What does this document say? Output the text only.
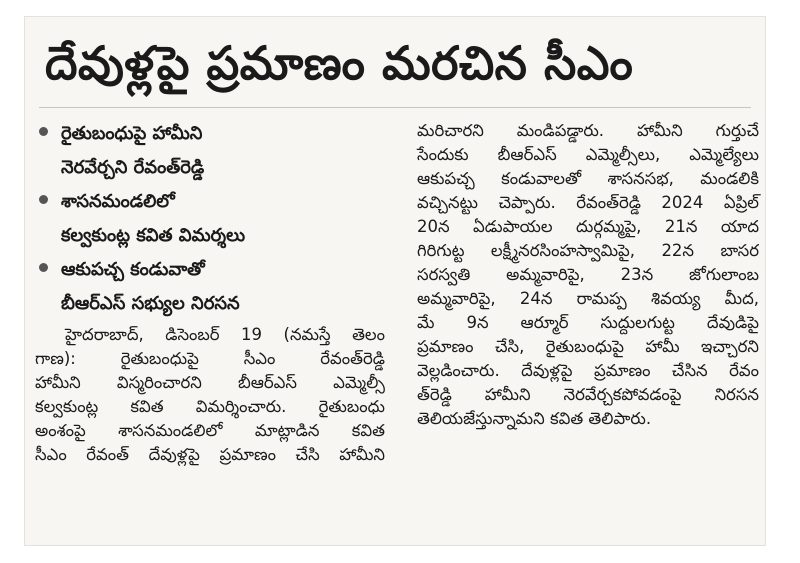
దేవుళ్లపై ప్రమాణం మరచిన సీఎం
రైతుబంధుపై హామీని
నెరవేర్చని రేవంత్‌రెడ్డి
శాసనమండలిలో
కల్వకుంట్ల కవిత విమర్శలు
ఆకుపచ్చ కండువాతో
బీఆర్‌ఎస్‌ సభ్యుల నిరసన
హైదరాబాద్‌, డిసెంబర్‌ 19 (నమస్తే తెలం
గాణ): రైతుబంధుపై సీఎం రేవంత్‌రెడ్డి
హామీని విస్మరించారని బీఆర్‌ఎస్‌ ఎమ్మెల్సీ
కల్వకుంట్ల కవిత విమర్శించారు. రైతుబంధు
అంశంపై శాసనమండలిలో మాట్లాడిన కవిత
సీఎం రేవంత్‌ దేవుళ్లపై ప్రమాణం చేసి హామీని
మరిచారని మండిపడ్డారు. హామీని గుర్తుచే
సేందుకు బీఆర్‌ఎస్‌ ఎమ్మెల్సీలు, ఎమ్మెల్యేలు
ఆకుపచ్చ కండువాలతో శాసనసభ, మండలికి
వచ్చినట్టు చెప్పారు. రేవంత్‌రెడ్డి 2024 ఏప్రిల్‌
20న ఏడుపాయల దుర్గమ్మపై, 21న యాద
గిరిగుట్ట లక్ష్మీనరసింహస్వామిపై, 22న బాసర
సరస్వతి అమ్మవారిపై, 23న జోగులాంబ
అమ్మవారిపై, 24న రామప్ప శివయ్య మీద,
మే 9న ఆర్మూర్‌ సుద్దులగుట్ట దేవుడిపై
ప్రమాణం చేసి, రైతుబంధుపై హామీ ఇచ్చారని
వెల్లడించారు. దేవుళ్లపై ప్రమాణం చేసిన రేవం
త్‌రెడ్డి హామీని నెరవేర్చకపోవడంపై నిరసన
తెలియజేస్తున్నామని కవిత తెలిపారు.
